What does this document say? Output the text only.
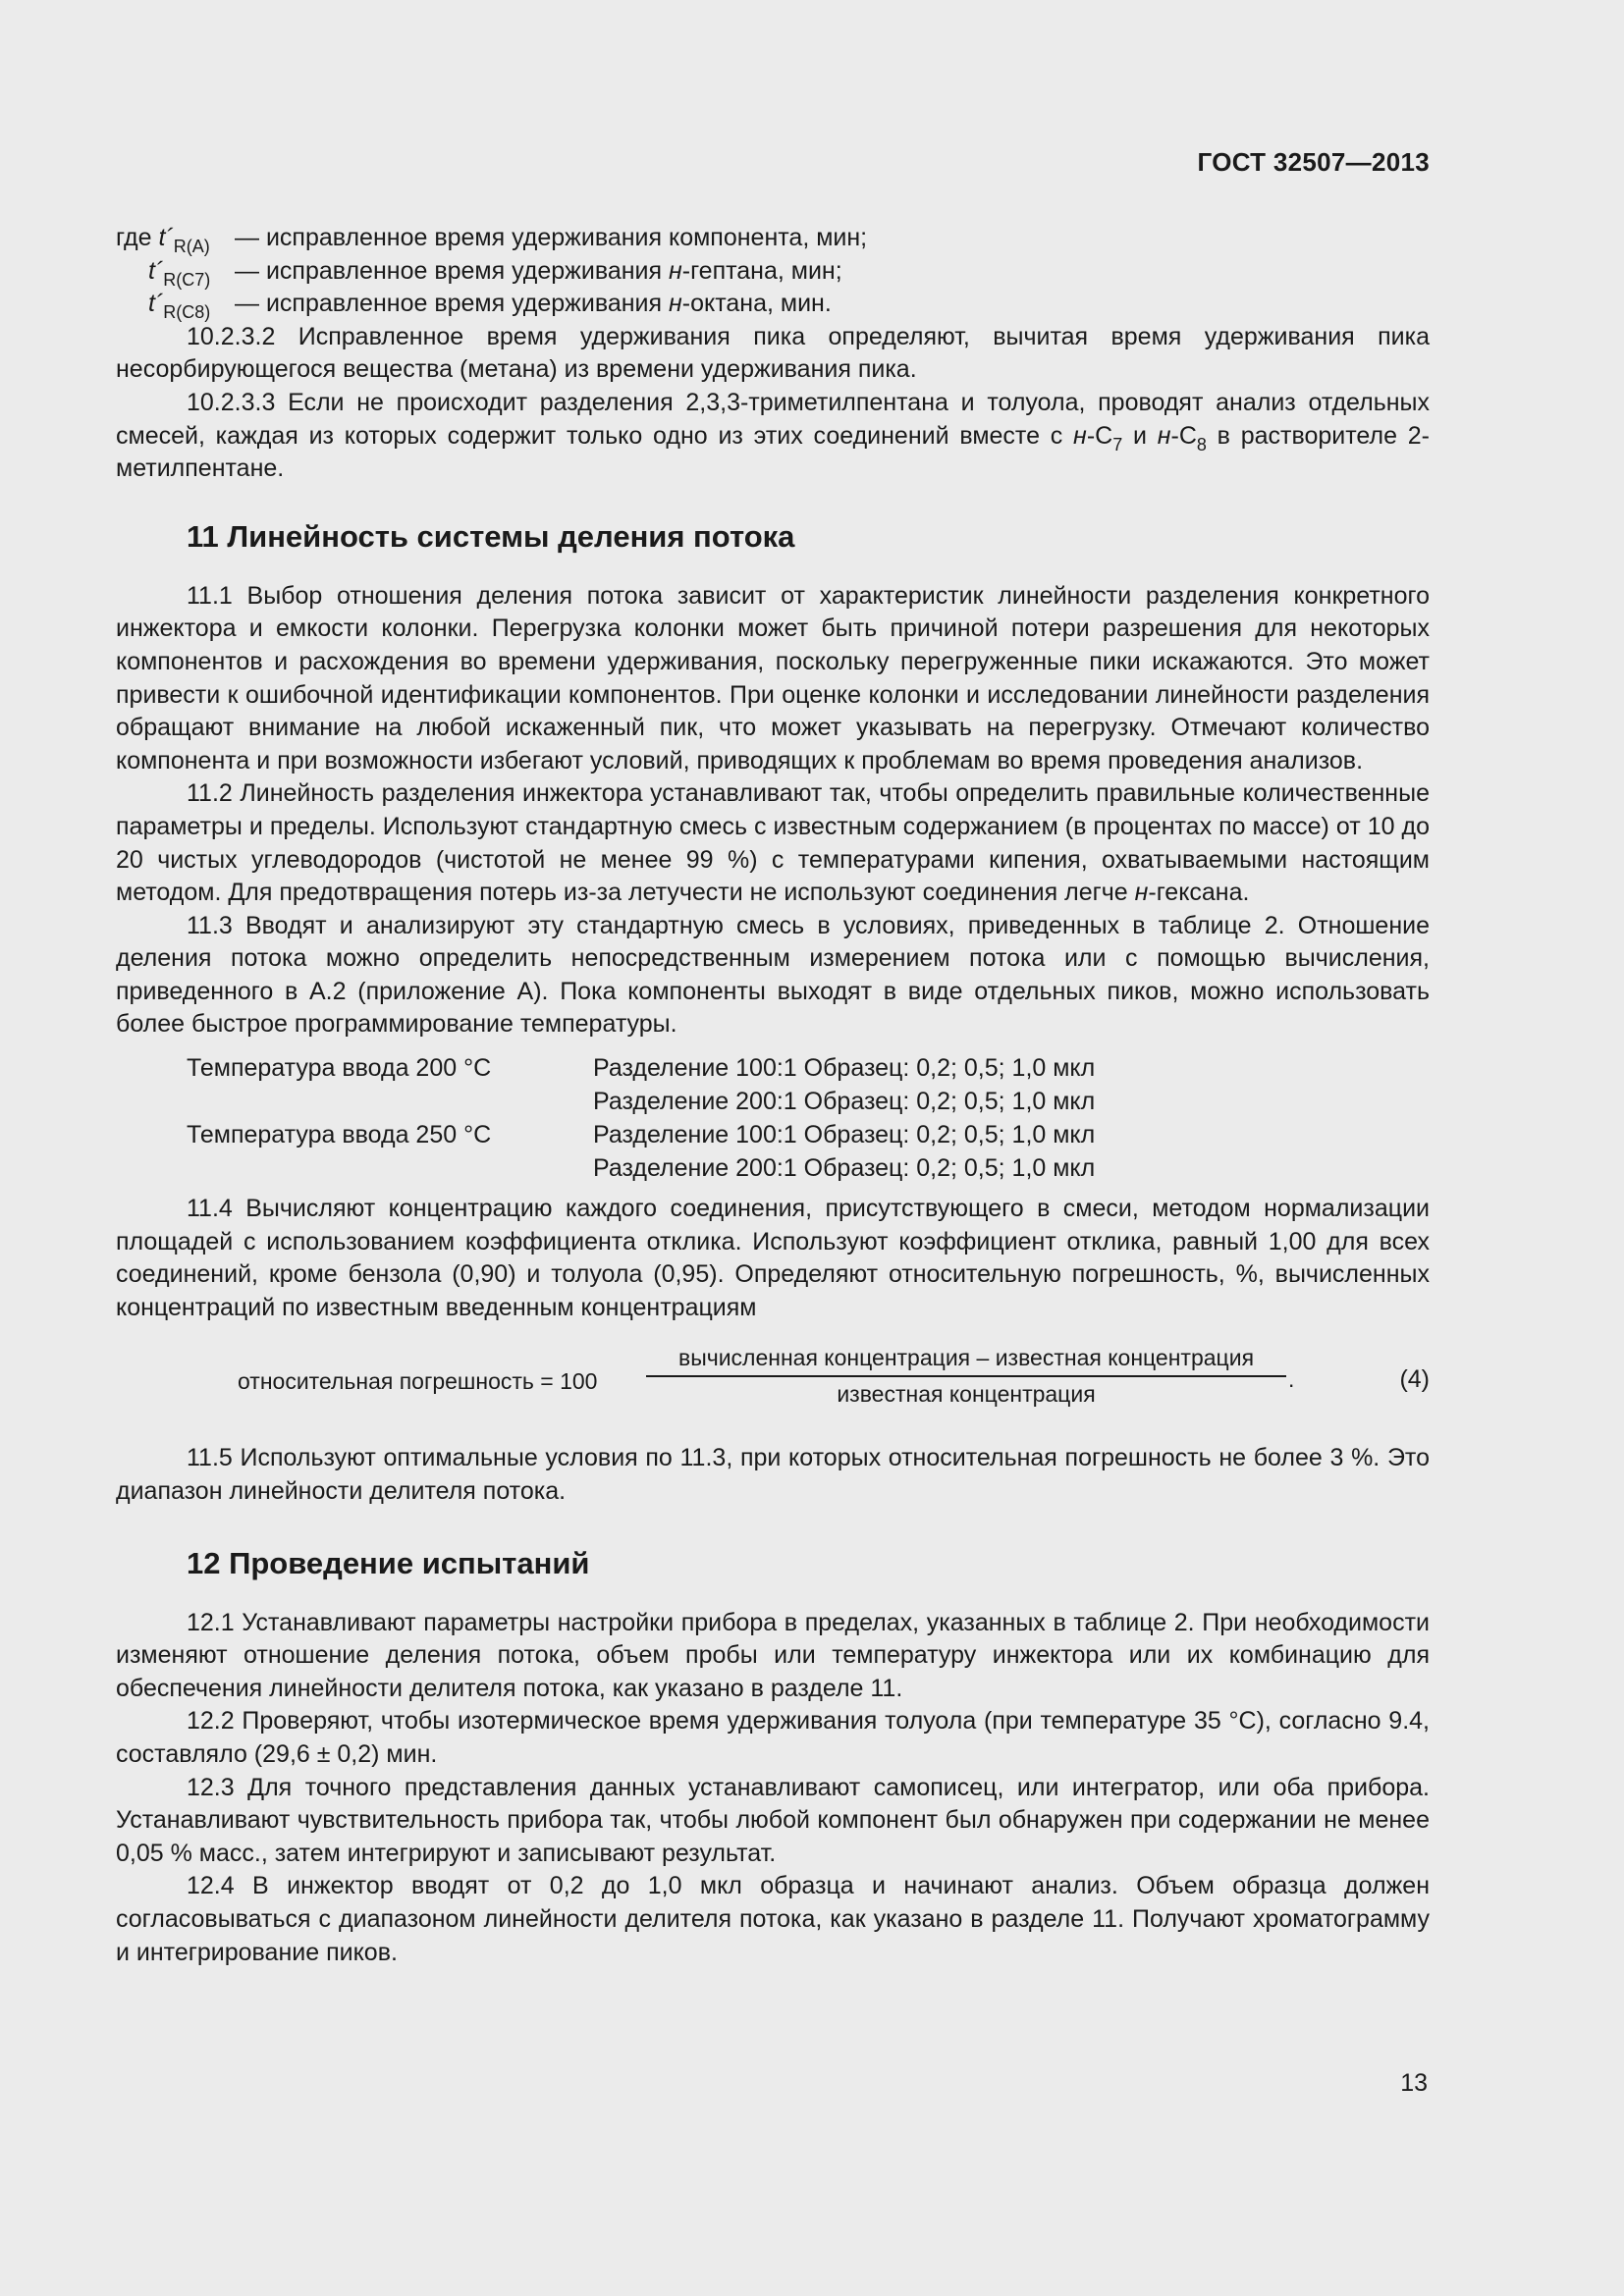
ГОСТ 32507—2013
где $t´_{R(A)}$ — исправленное время удерживания компонента, мин;
$t´_{R(C7)}$ — исправленное время удерживания н-гептана, мин;
$t´_{R(C8)}$ — исправленное время удерживания н-октана, мин.

10.2.3.2 Исправленное время удерживания пика определяют, вычитая время удерживания пика несорбирующегося вещества (метана) из времени удерживания пика.

10.2.3.3 Если не происходит разделения 2,3,3-триметилпентана и толуола, проводят анализ отдельных смесей, каждая из которых содержит только одно из этих соединений вместе с $н-С_7$ и $н-С_8$ в растворителе 2-метилпентане.

11 Линейность системы деления потока

11.1 Выбор отношения деления потока зависит от характеристик линейности разделения конкретного инжектора и емкости колонки. Перегрузка колонки может быть причиной потери разрешения для некоторых компонентов и расхождения во времени удерживания, поскольку перегруженные пики искажаются. Это может привести к ошибочной идентификации компонентов. При оценке колонки и исследовании линейности разделения обращают внимание на любой искаженный пик, что может указывать на перегрузку. Отмечают количество компонента и при возможности избегают условий, приводящих к проблемам во время проведения анализов.

11.2 Линейность разделения инжектора устанавливают так, чтобы определить правильные количественные параметры и пределы. Используют стандартную смесь с известным содержанием (в процентах по массе) от 10 до 20 чистых углеводородов (чистотой не менее 99 %) с температурами кипения, охватываемыми настоящим методом. Для предотвращения потерь из-за летучести не используют соединения легче н-гексана.

11.3 Вводят и анализируют эту стандартную смесь в условиях, приведенных в таблице 2. Отношение деления потока можно определить непосредственным измерением потока или с помощью вычисления, приведенного в А.2 (приложение А). Пока компоненты выходят в виде отдельных пиков, можно использовать более быстрое программирование температуры.

Температура ввода 200 °С	Разделение 100:1 Образец: 0,2; 0,5; 1,0 мкл
Разделение 200:1 Образец: 0,2; 0,5; 1,0 мкл
Температура ввода 250 °С	Разделение 100:1 Образец: 0,2; 0,5; 1,0 мкл
Разделение 200:1 Образец: 0,2; 0,5; 1,0 мкл

11.4 Вычисляют концентрацию каждого соединения, присутствующего в смеси, методом нормализации площадей с использованием коэффициента отклика. Используют коэффициент отклика, равный 1,00 для всех соединений, кроме бензола (0,90) и толуола (0,95). Определяют относительную погрешность, %, вычисленных концентраций по известным введенным концентрациям

относительная погрешность = 100
вычисленная концентрация – известная концентрация
известная концентрация
.	(4)

11.5 Используют оптимальные условия по 11.3, при которых относительная погрешность не более 3 %. Это диапазон линейности делителя потока.

12 Проведение испытаний

12.1 Устанавливают параметры настройки прибора в пределах, указанных в таблице 2. При необходимости изменяют отношение деления потока, объем пробы или температуру инжектора или их комбинацию для обеспечения линейности делителя потока, как указано в разделе 11.

12.2 Проверяют, чтобы изотермическое время удерживания толуола (при температуре 35 °С), согласно 9.4, составляло (29,6 ± 0,2) мин.

12.3 Для точного представления данных устанавливают самописец, или интегратор, или оба прибора. Устанавливают чувствительность прибора так, чтобы любой компонент был обнаружен при содержании не менее 0,05 % масс., затем интегрируют и записывают результат.

12.4 В инжектор вводят от 0,2 до 1,0 мкл образца и начинают анализ. Объем образца должен согласовываться с диапазоном линейности делителя потока, как указано в разделе 11. Получают хроматограмму и интегрирование пиков.

13
